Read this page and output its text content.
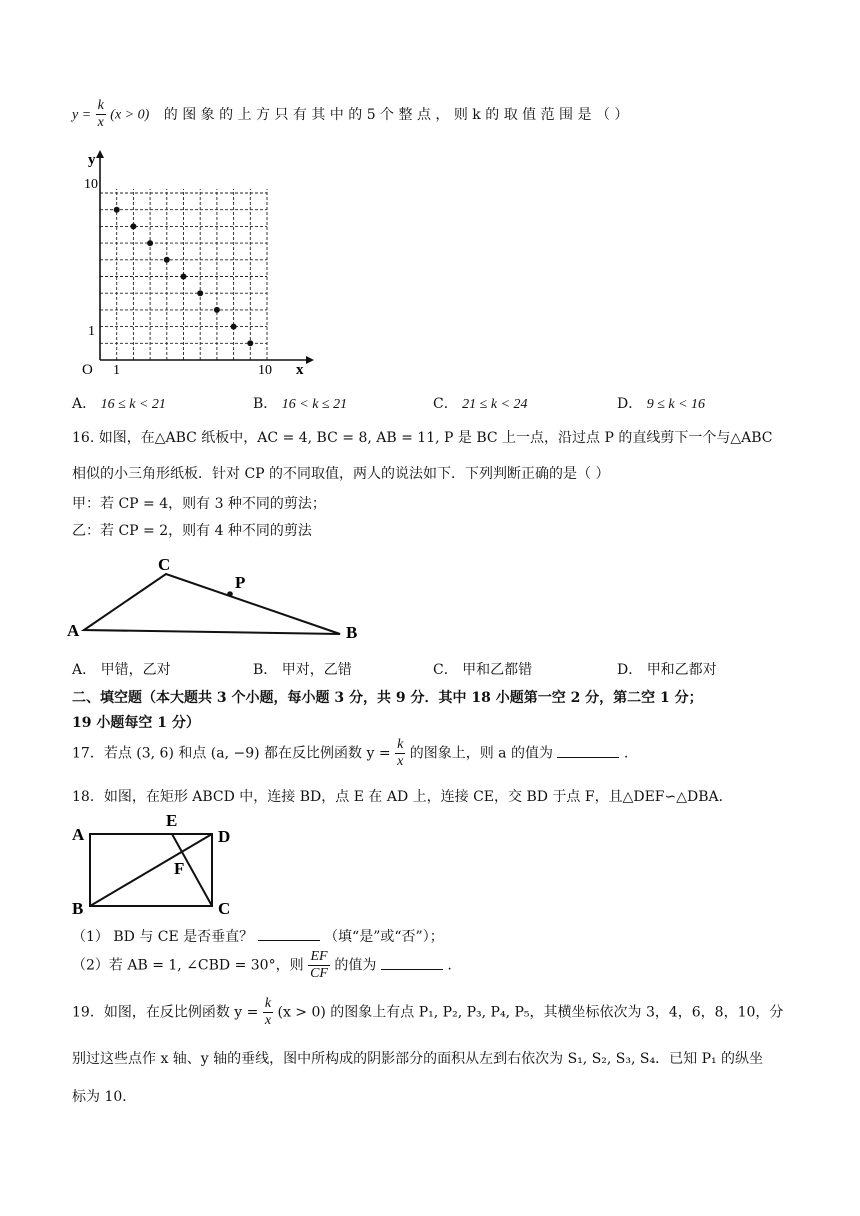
$y = \frac{k}{x} (x > 0)$ 的 图 象 的 上 方 只 有 其 中 的 5 个 整 点 ， 则 k 的 取 值 范 围 是 （ ）
y
x
O
10
1
1	10
A． 16 ≤ k < 21	B． 16 < k ≤ 21	C． 21 ≤ k < 24	D． 9 ≤ k < 16
16. 如图，在△ABC 纸板中，AC = 4, BC = 8, AB = 11, P 是 BC 上一点，沿过点 P 的直线剪下一个与△ABC
相似的小三角形纸板．针对 CP 的不同取值，两人的说法如下．下列判断正确的是（ ）
甲：若 CP = 4，则有 3 种不同的剪法；
乙：若 CP = 2，则有 4 种不同的剪法
A
C
P
B
A． 甲错，乙对	B． 甲对，乙错	C． 甲和乙都错	D． 甲和乙都对
二、填空题（本大题共 3 个小题，每小题 3 分，共 9 分．其中 18 小题第一空 2 分，第二空 1 分；
19 小题每空 1 分）
17．若点 (3, 6) 和点 (a, −9) 都在反比例函数 $y = \frac{k}{x}$ 的图象上，则 a 的值为	.
18．如图，在矩形 ABCD 中，连接 BD，点 E 在 AD 上，连接 CE，交 BD 于点 F，且△DEF∽△DBA．
A
E
D
F
B	C
（1） BD 与 CE 是否垂直？	（填“是”或“否”）；
（2）若 AB = 1, ∠CBD = 30°，则 $\frac{EF}{CF}$ 的值为	.
19．如图，在反比例函数 $y = \frac{k}{x} (x > 0)$ 的图象上有点 P₁, P₂, P₃, P₄, P₅，其横坐标依次为 3，4，6，8，10，分
别过这些点作 x 轴、y 轴的垂线，图中所构成的阴影部分的面积从左到右依次为 S₁, S₂, S₃, S₄．已知 P₁ 的纵坐
标为 10．
